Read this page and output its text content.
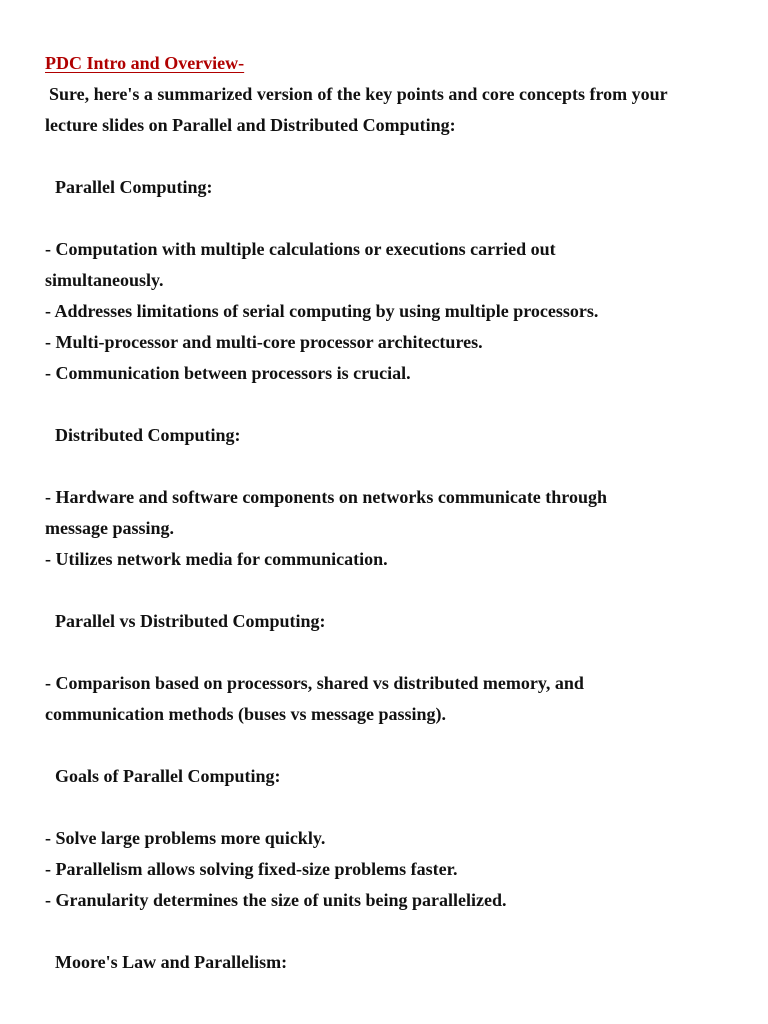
PDC Intro and Overview-
Sure, here's a summarized version of the key points and core concepts from your
lecture slides on Parallel and Distributed Computing:
Parallel Computing:
- Computation with multiple calculations or executions carried out
simultaneously.
- Addresses limitations of serial computing by using multiple processors.
- Multi-processor and multi-core processor architectures.
- Communication between processors is crucial.
Distributed Computing:
- Hardware and software components on networks communicate through
message passing.
- Utilizes network media for communication.
Parallel vs Distributed Computing:
- Comparison based on processors, shared vs distributed memory, and
communication methods (buses vs message passing).
Goals of Parallel Computing:
- Solve large problems more quickly.
- Parallelism allows solving fixed-size problems faster.
- Granularity determines the size of units being parallelized.
Moore's Law and Parallelism:
